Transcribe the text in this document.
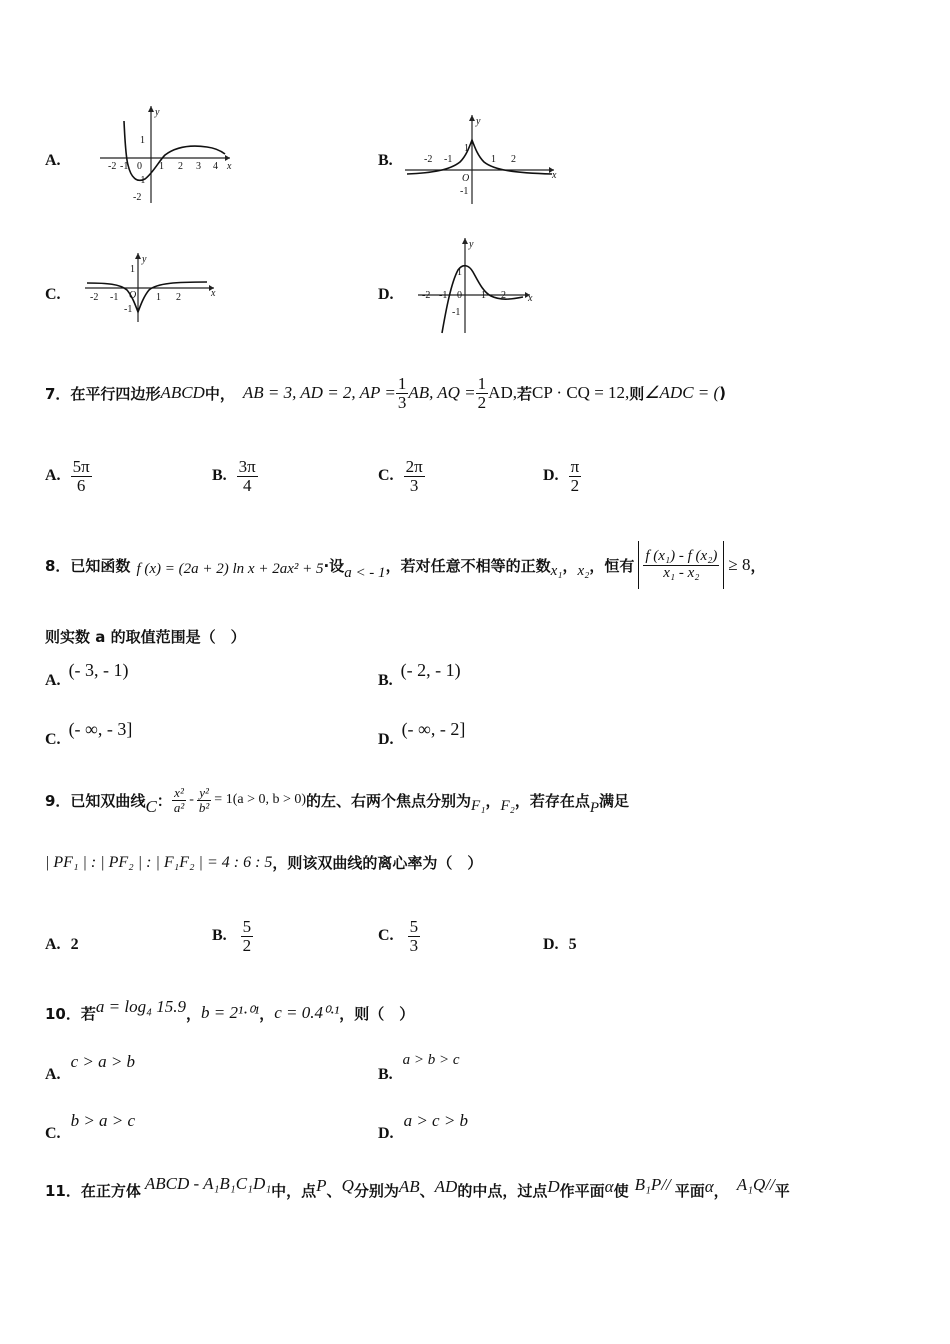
A.	-2 -1 0 1 2 3 4
1
-1
-2
x
y
B.	-2 -1	1 2
1
-1
O	x
y
C.	-2 -1 O 1 2
1
-1
x
y
D.	-2 -1 0 1 2
1
-1
x
y
7．在平行四边形 ABCD 中， AB = 3, AD = 2, AP = $\frac{1}{3}$ AB, AQ = $\frac{1}{2}$ AD, 若 CP · CQ = 12, 则 ∠ADC = ( )
A. $\frac{5\pi}{6}$	B. $\frac{3\pi}{4}$	C. $\frac{2\pi}{3}$	D. $\frac{\pi}{2}$
8．已知函数 f (x) = (2a + 2) ln x + 2ax² + 5 ·设 a < - 1 ，若对任意不相等的正数 x₁ ， x₂ ，恒有 $\frac{\text{f (x₁) - f (x₂)}}{\text{x₁ - x₂}} \ge 8$ ，
则实数 a 的取值范围是（　）
A.
(- 3, - 1)
B.
(- 2, - 1)
C.
(- ∞, - 3]
D.
(- ∞, - 2]
9．已知双曲线 C ： $\frac{\text{x²}}{\text{a²}} - \frac{\text{y²}}{\text{b²}} = 1(a > 0$, b > 0) 的左、右两个焦点分别为 F₁ ， F₂ ，若存在点 P 满足
| PF₁ | : | PF₂ | : | F₁F₂ | = 4 : 6 : 5 ，则该双曲线的离心率为（　）
A. 2
B. $\frac{5}{2}$	C. $\frac{5}{3}$	D. 5
10．若 a = log₄ 15.9 ， b = 2¹·⁰¹ ， c = 0.4⁰·¹ ，则（　）
A.
c > a > b
B.
a > b > c
C.
b > a > c
D.
a > c > b
11．在正方体 ABCD - A₁B₁C₁D₁ 中，点 P 、 Q 分别为 AB 、 AD 的中点，过点 D 作平面 α 使 B₁P// 平面 α ， A₁Q// 平
